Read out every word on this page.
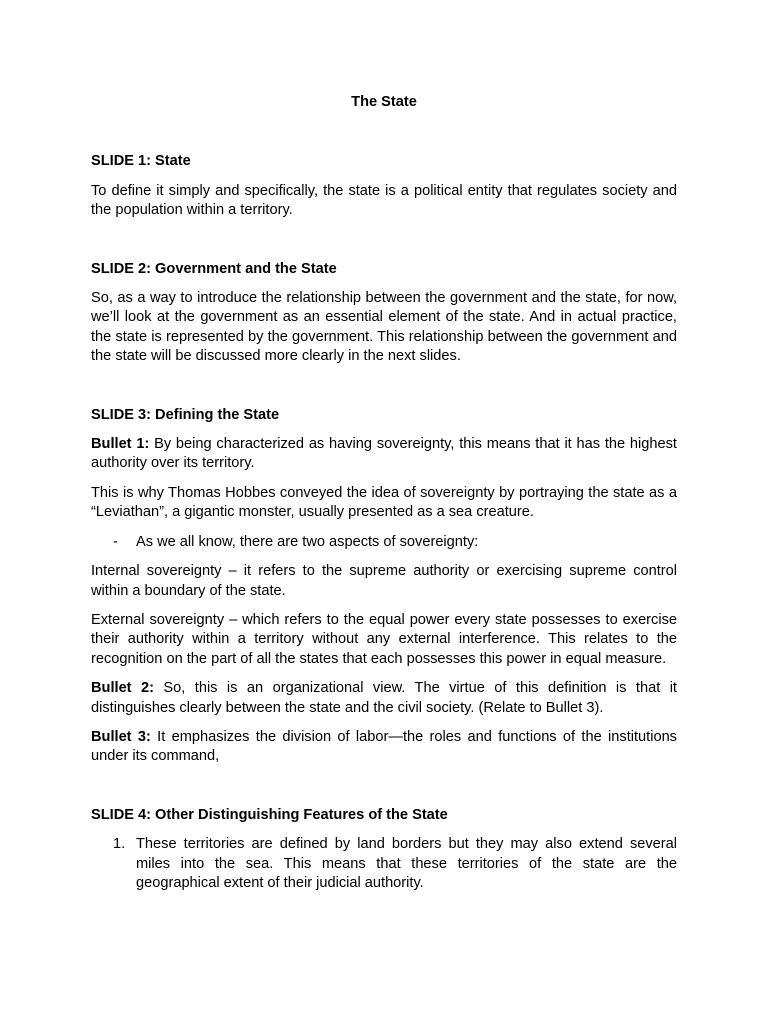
The State
SLIDE 1: State

To define it simply and specifically, the state is a political entity that regulates society and the population within a territory.

SLIDE 2: Government and the State

So, as a way to introduce the relationship between the government and the state, for now, we’ll look at the government as an essential element of the state. And in actual practice, the state is represented by the government. This relationship between the government and the state will be discussed more clearly in the next slides.

SLIDE 3: Defining the State

Bullet 1: By being characterized as having sovereignty, this means that it has the highest authority over its territory.

This is why Thomas Hobbes conveyed the idea of sovereignty by portraying the state as a “Leviathan”, a gigantic monster, usually presented as a sea creature.

-	As we all know, there are two aspects of sovereignty:

Internal sovereignty – it refers to the supreme authority or exercising supreme control within a boundary of the state.

External sovereignty – which refers to the equal power every state possesses to exercise their authority within a territory without any external interference. This relates to the recognition on the part of all the states that each possesses this power in equal measure.

Bullet 2: So, this is an organizational view. The virtue of this definition is that it distinguishes clearly between the state and the civil society. (Relate to Bullet 3).

Bullet 3: It emphasizes the division of labor—the roles and functions of the institutions under its command,

SLIDE 4: Other Distinguishing Features of the State
1. These territories are defined by land borders but they may also extend several miles into the sea. This means that these territories of the state are the geographical extent of their judicial authority.
